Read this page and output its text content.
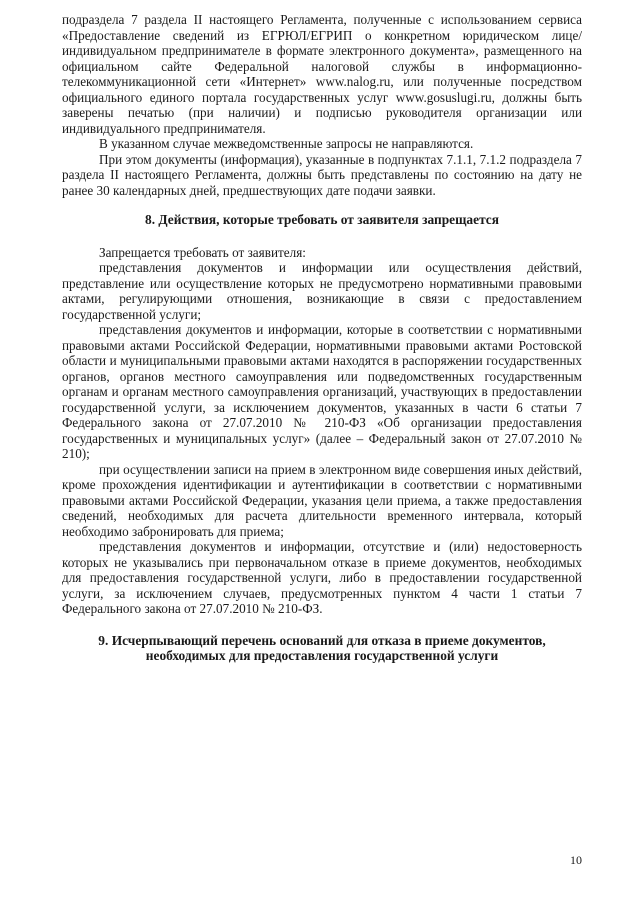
подраздела 7 раздела II настоящего Регламента, полученные с использованием сервиса «Предоставление сведений из ЕГРЮЛ/ЕГРИП о конкретном юридическом лице/индивидуальном предпринимателе в формате электронного документа», размещенного на официальном сайте Федеральной налоговой службы в информационно-телекоммуникационной сети «Интернет» www.nalog.ru, или полученные посредством официального единого портала государственных услуг www.gosuslugi.ru, должны быть заверены печатью (при наличии) и подписью руководителя организации или индивидуального предпринимателя.

В указанном случае межведомственные запросы не направляются.

При этом документы (информация), указанные в подпунктах 7.1.1, 7.1.2 подраздела 7 раздела II настоящего Регламента, должны быть представлены по состоянию на дату не ранее 30 календарных дней, предшествующих дате подачи заявки.

8. Действия, которые требовать от заявителя запрещается

Запрещается требовать от заявителя:

представления документов и информации или осуществления действий, представление или осуществление которых не предусмотрено нормативными правовыми актами, регулирующими отношения, возникающие в связи с предоставлением государственной услуги;

представления документов и информации, которые в соответствии с нормативными правовыми актами Российской Федерации, нормативными правовыми актами Ростовской области и муниципальными правовыми актами находятся в распоряжении государственных органов, органов местного самоуправления или подведомственных государственным органам и органам местного самоуправления организаций, участвующих в предоставлении государственной услуги, за исключением документов, указанных в части 6 статьи 7 Федерального закона от 27.07.2010 № 210-ФЗ «Об организации предоставления государственных и муниципальных услуг» (далее – Федеральный закон от 27.07.2010 № 210);

при осуществлении записи на прием в электронном виде совершения иных действий, кроме прохождения идентификации и аутентификации в соответствии с нормативными правовыми актами Российской Федерации, указания цели приема, а также предоставления сведений, необходимых для расчета длительности временного интервала, который необходимо забронировать для приема;

представления документов и информации, отсутствие и (или) недостоверность которых не указывались при первоначальном отказе в приеме документов, необходимых для предоставления государственной услуги, либо в предоставлении государственной услуги, за исключением случаев, предусмотренных пунктом 4 части 1 статьи 7 Федерального закона от 27.07.2010 № 210-ФЗ.

9. Исчерпывающий перечень оснований для отказа в приеме документов,
необходимых для предоставления государственной услуги
10
